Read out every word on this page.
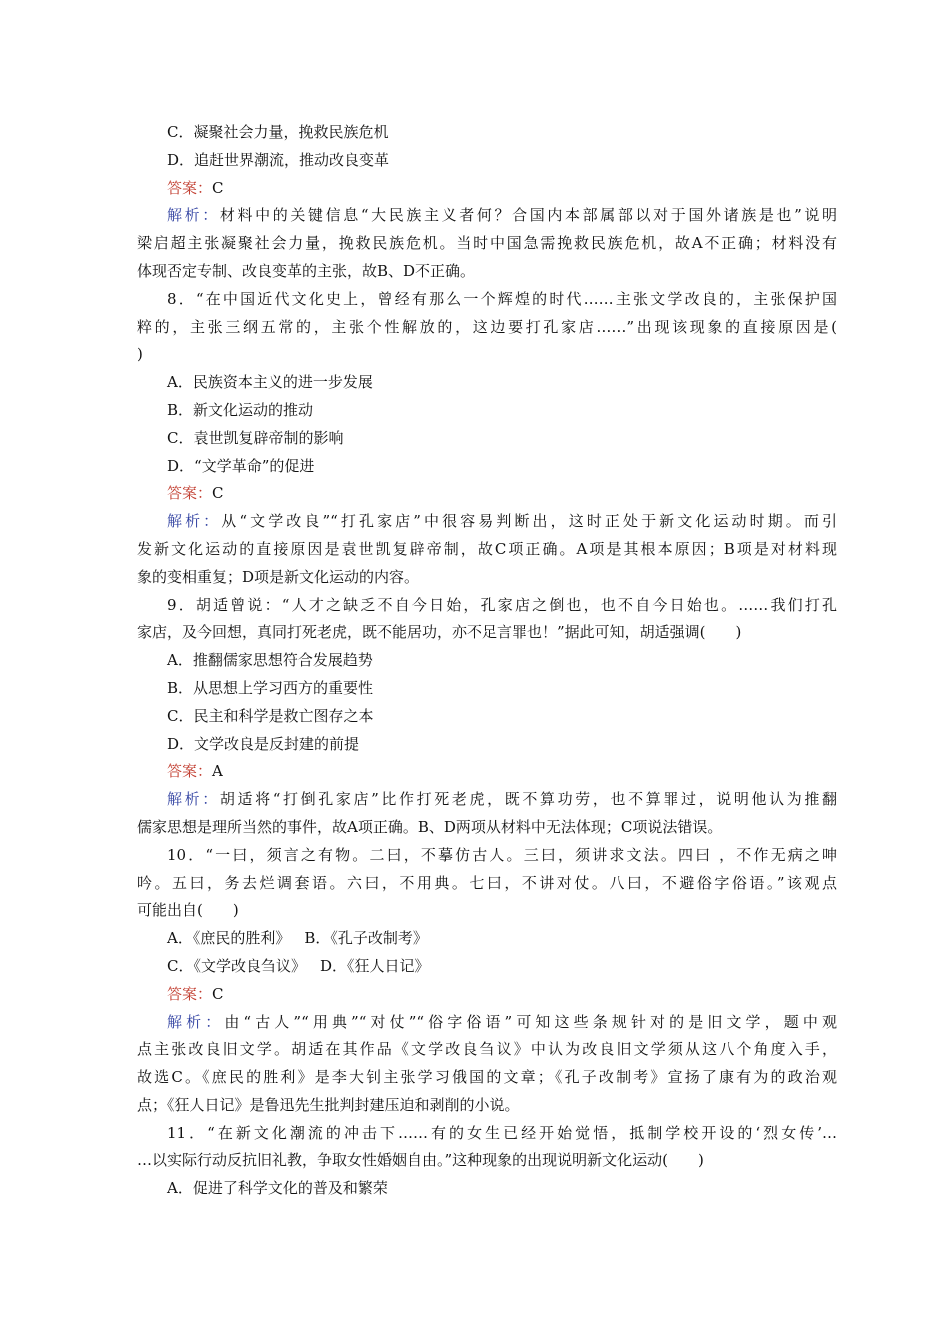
C．凝聚社会力量，挽救民族危机
D．追赶世界潮流，推动改良变革
答案：C
解析：材料中的关键信息“大民族主义者何？合国内本部属部以对于国外诸族是也”说明
梁启超主张凝聚社会力量，挽救民族危机。当时中国急需挽救民族危机，故A不正确；材料没有
体现否定专制、改良变革的主张，故B、D不正确。
8．“在中国近代文化史上，曾经有那么一个辉煌的时代……主张文学改良的，主张保护国
粹的，主张三纲五常的，主张个性解放的，这边要打孔家店……”出现该现象的直接原因是(
)
A．民族资本主义的进一步发展
B．新文化运动的推动
C．袁世凯复辟帝制的影响
D．“文学革命”的促进
答案：C
解析：从“文学改良”“打孔家店”中很容易判断出，这时正处于新文化运动时期。而引
发新文化运动的直接原因是袁世凯复辟帝制，故C项正确。A项是其根本原因；B项是对材料现
象的变相重复；D项是新文化运动的内容。
9．胡适曾说：“人才之缺乏不自今日始，孔家店之倒也，也不自今日始也。……我们打孔
家店，及今回想，真同打死老虎，既不能居功，亦不足言罪也！”据此可知，胡适强调(　　)
A．推翻儒家思想符合发展趋势
B．从思想上学习西方的重要性
C．民主和科学是救亡图存之本
D．文学改良是反封建的前提
答案：A
解析：胡适将“打倒孔家店”比作打死老虎，既不算功劳，也不算罪过，说明他认为推翻
儒家思想是理所当然的事件，故A项正确。B、D两项从材料中无法体现；C项说法错误。
10．“一曰，须言之有物。二曰，不摹仿古人。三曰，须讲求文法。四曰 ，不作无病之呻
吟。五曰，务去烂调套语。六曰，不用典。七曰，不讲对仗。八曰，不避俗字俗语。”该观点
可能出自(　　)
A．《庶民的胜利》 B．《孔子改制考》
C．《文学改良刍议》 D．《狂人日记》
答案：C
解析：由“古人”“用典”“对仗”“俗字俗语”可知这些条规针对的是旧文学，题中观
点主张改良旧文学。胡适在其作品《文学改良刍议》中认为改良旧文学须从这八个角度入手，
故选C。《庶民的胜利》是李大钊主张学习俄国的文章；《孔子改制考》宣扬了康有为的政治观
点；《狂人日记》是鲁迅先生批判封建压迫和剥削的小说。
11．“在新文化潮流的冲击下……有的女生已经开始觉悟，抵制学校开设的‘烈女传’…
…以实际行动反抗旧礼教，争取女性婚姻自由。”这种现象的出现说明新文化运动(　　)
A．促进了科学文化的普及和繁荣
